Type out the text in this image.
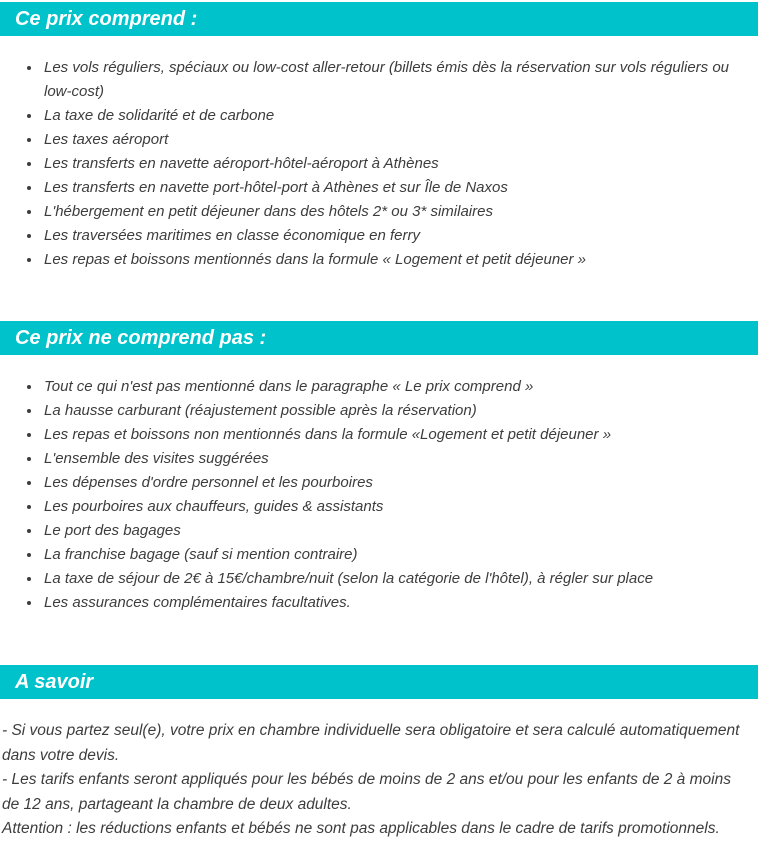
Ce prix comprend :
• Les vols réguliers, spéciaux ou low-cost aller-retour (billets émis dès la réservation sur vols réguliers ou low-cost)
• La taxe de solidarité et de carbone
• Les taxes aéroport
• Les transferts en navette aéroport-hôtel-aéroport à Athènes
• Les transferts en navette port-hôtel-port à Athènes et sur Île de Naxos
• L'hébergement en petit déjeuner dans des hôtels 2* ou 3* similaires
• Les traversées maritimes en classe économique en ferry
• Les repas et boissons mentionnés dans la formule « Logement et petit déjeuner »
Ce prix ne comprend pas :
• Tout ce qui n'est pas mentionné dans le paragraphe « Le prix comprend »
• La hausse carburant (réajustement possible après la réservation)
• Les repas et boissons non mentionnés dans la formule «Logement et petit déjeuner »
• L'ensemble des visites suggérées
• Les dépenses d'ordre personnel et les pourboires
• Les pourboires aux chauffeurs, guides & assistants
• Le port des bagages
• La franchise bagage (sauf si mention contraire)
• La taxe de séjour de 2€ à 15€/chambre/nuit (selon la catégorie de l'hôtel), à régler sur place
• Les assurances complémentaires facultatives.
A savoir

- Si vous partez seul(e), votre prix en chambre individuelle sera obligatoire et sera calculé automatiquement dans votre devis.

- Les tarifs enfants seront appliqués pour les bébés de moins de 2 ans et/ou pour les enfants de 2 à moins de 12 ans, partageant la chambre de deux adultes.

Attention : les réductions enfants et bébés ne sont pas applicables dans le cadre de tarifs promotionnels.
